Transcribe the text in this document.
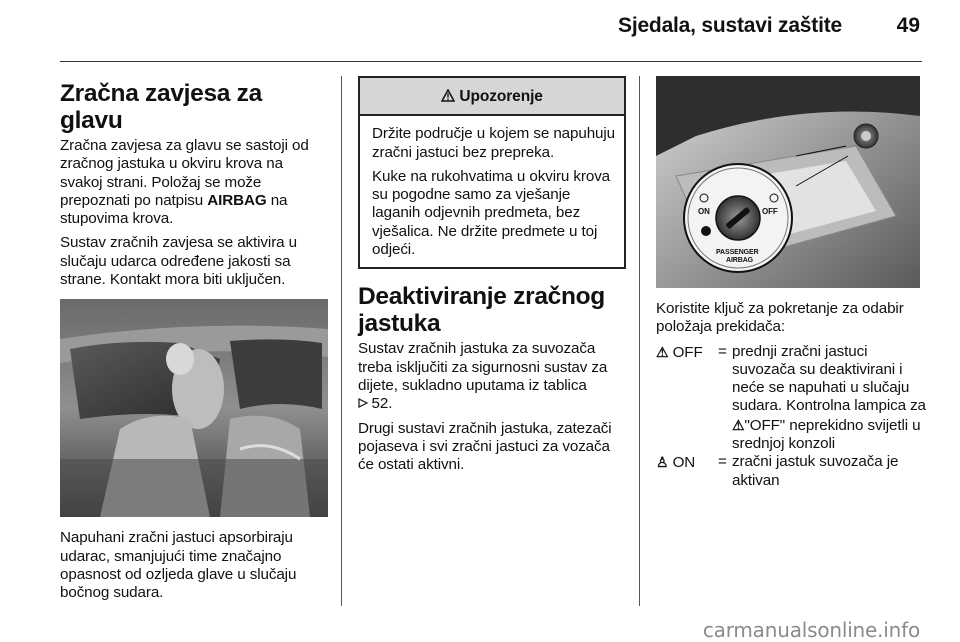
Sjedala, sustavi zaštite	49
Zračna zavjesa za glavu

Zračna zavjesa za glavu se sastoji od zračnog jastuka u okviru krova na svakoj strani. Položaj se može prepoznati po natpisu AIRBAG na stupovima krova.

Sustav zračnih zavjesa se aktivira u slučaju udarca određene jakosti sa strane. Kontakt mora biti uključen.

Napuhani zračni jastuci apsorbiraju udarac, smanjujući time značajno opasnost od ozljeda glave u slučaju bočnog sudara.

Upozorenje

Držite područje u kojem se napuhuju zračni jastuci bez prepreka.

Kuke na rukohvatima u okviru krova su pogodne samo za vješanje laganih odjevnih predmeta, bez vješalica. Ne držite predmete u toj odjeći.

Deaktiviranje zračnog jastuka

Sustav zračnih jastuka za suvozača treba isključiti za sigurnosni sustav za dijete, sukladno uputama iz tablica
52.

Drugi sustavi zračnih jastuka, zatezači pojaseva i svi zračni jastuci za vozača će ostati aktivni.

ON	OFF
PASSENGER
AIRBAG

Koristite ključ za pokretanje za odabir položaja prekidača:

⚠ OFF	= prednji zračni jastuci suvozača su deaktivirani i neće se napuhati u slučaju sudara. Kontrolna lampica za ⚠"OFF" neprekidno svijetli u srednjoj konzoli
♙ ON	= zračni jastuk suvozača je aktivan
carmanualsonline.info
